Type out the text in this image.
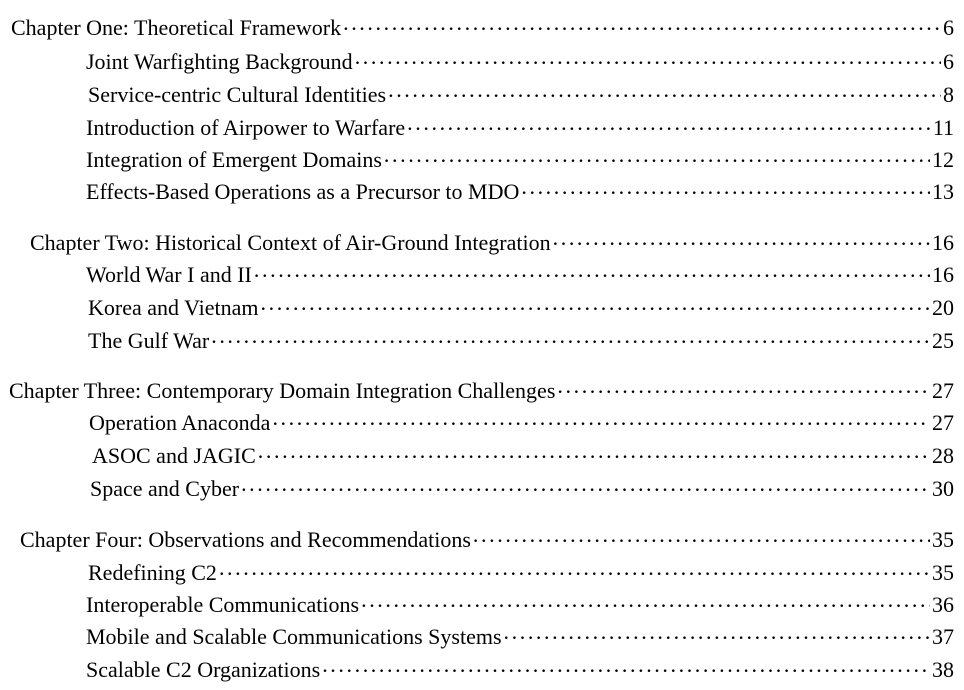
Chapter One: Theoretical Framework .....	6
Joint Warfighting Background .....	6
Service-centric Cultural Identities .....	8
Introduction of Airpower to Warfare .....	11
Integration of Emergent Domains .....	12
Effects-Based Operations as a Precursor to MDO .....	13
Chapter Two: Historical Context of Air-Ground Integration .....	16
World War I and II .....	16
Korea and Vietnam .....	20
The Gulf War .....	25
Chapter Three: Contemporary Domain Integration Challenges .....	27
Operation Anaconda .....	27
ASOC and JAGIC .....	28
Space and Cyber .....	30
Chapter Four: Observations and Recommendations .....	35
Redefining C2 .....	35
Interoperable Communications .....	36
Mobile and Scalable Communications Systems .....	37
Scalable C2 Organizations .....	38
